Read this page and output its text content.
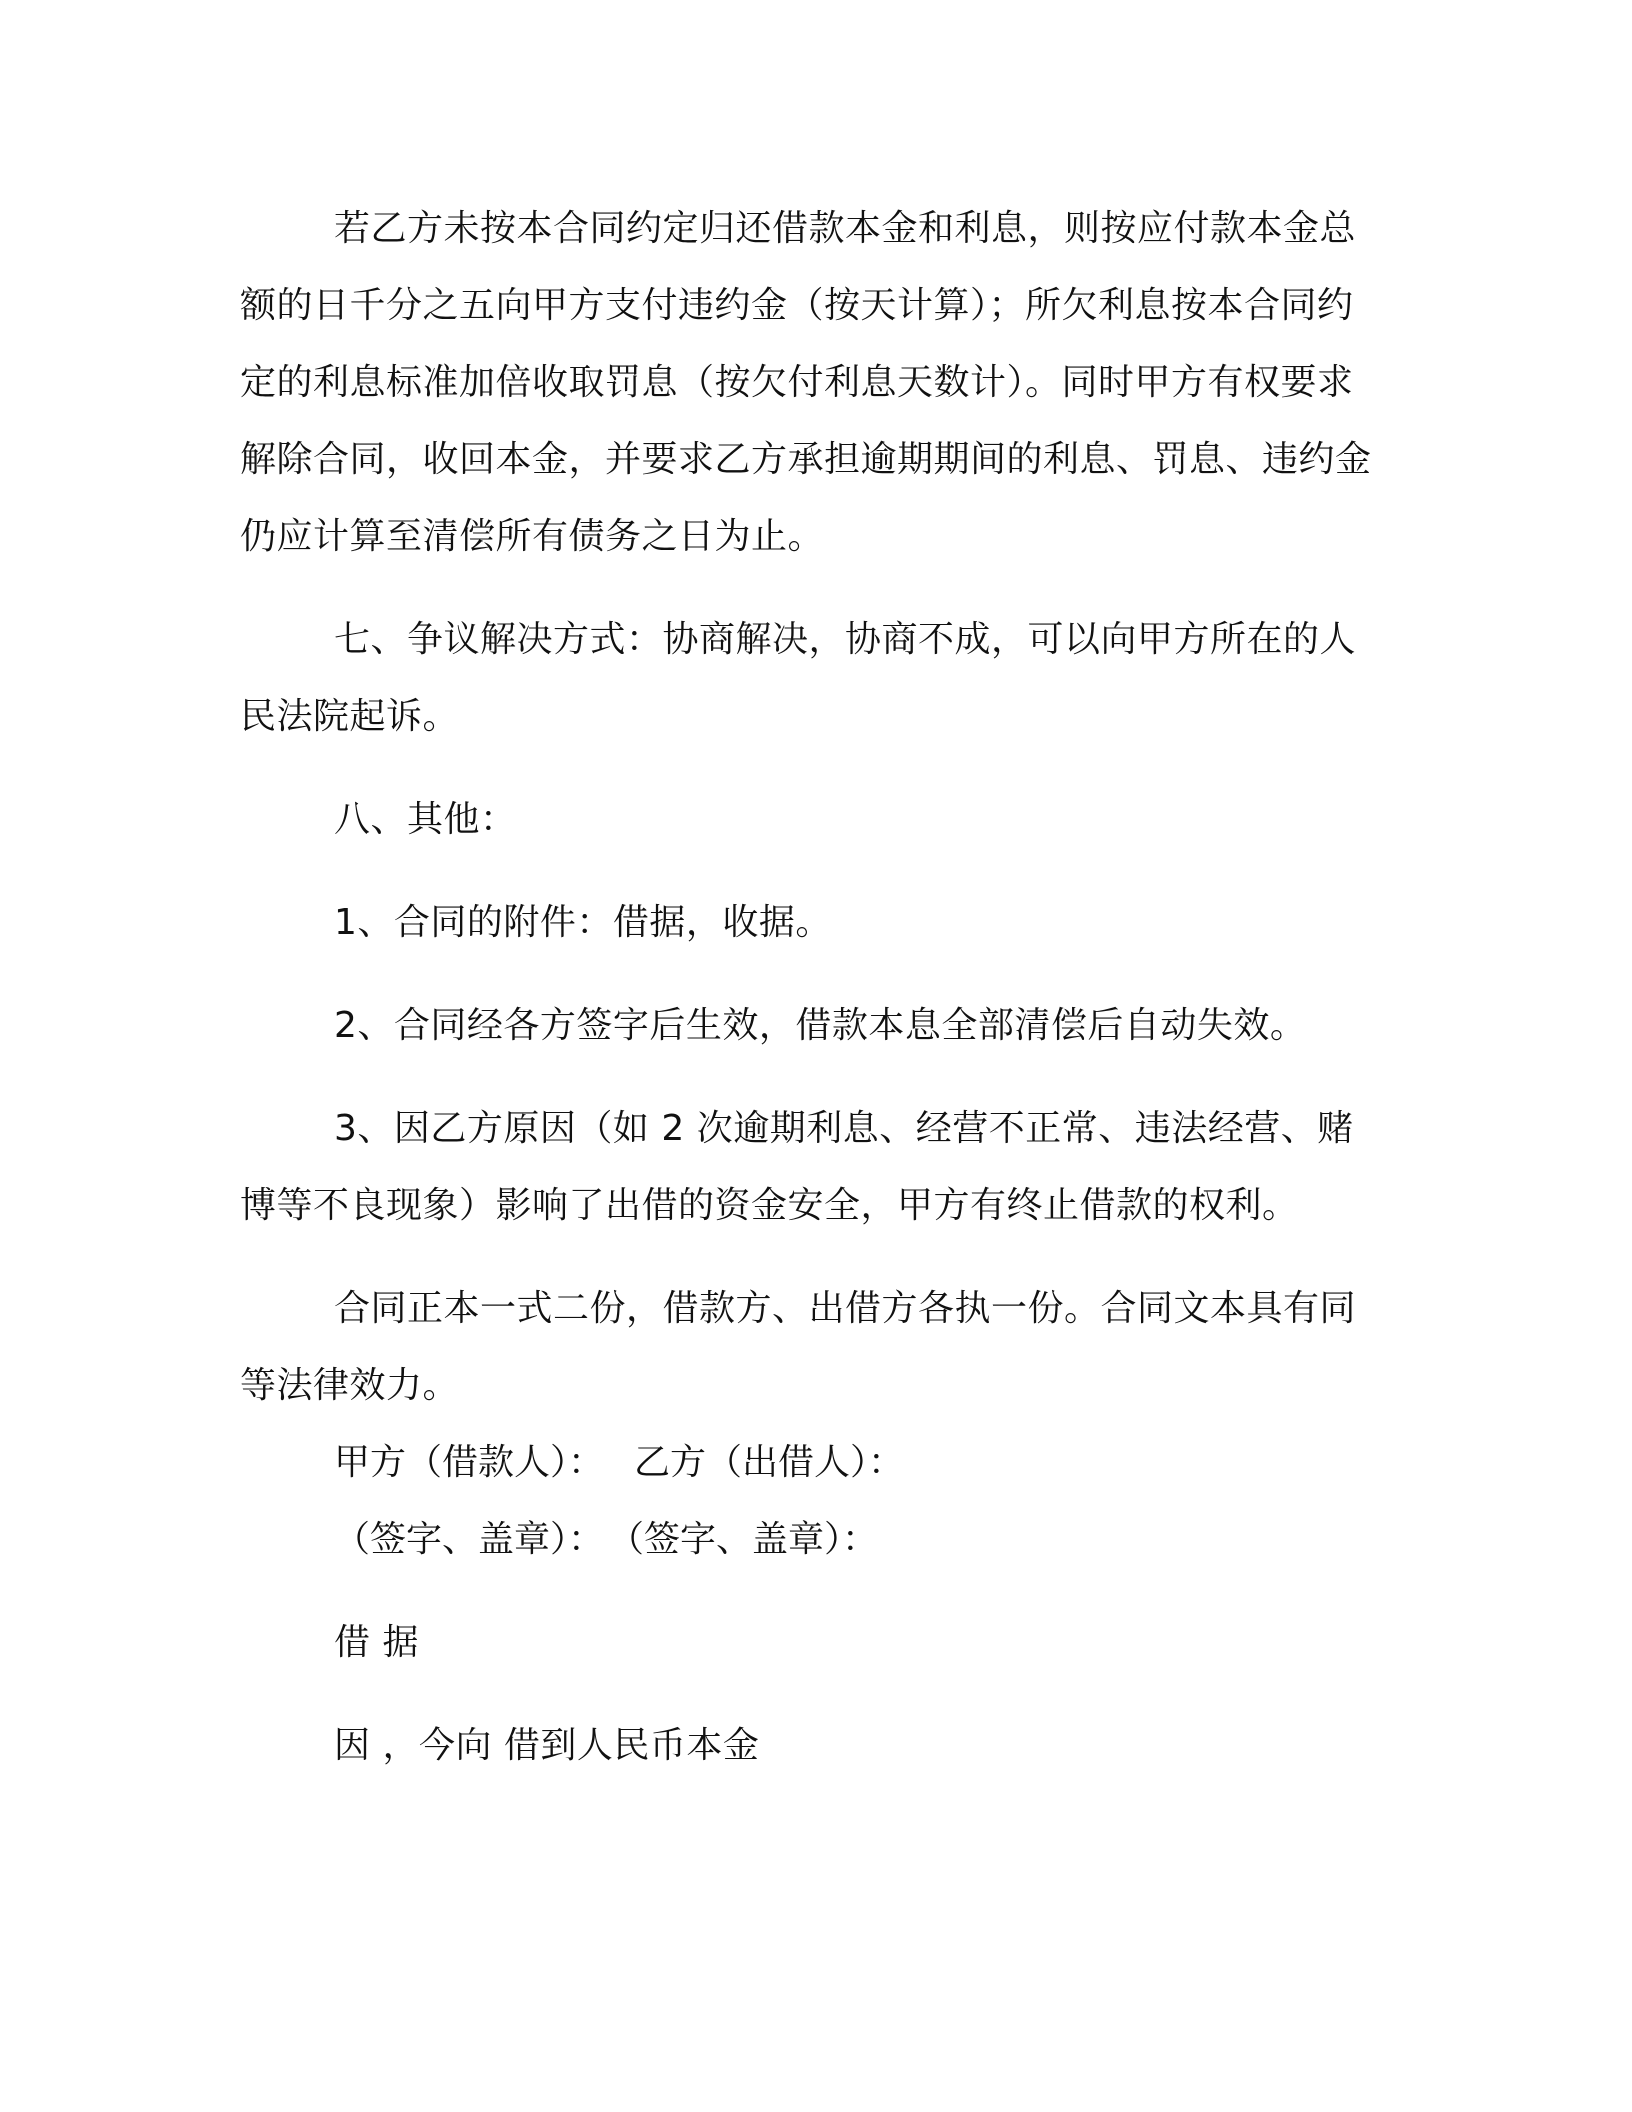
若乙方未按本合同约定归还借款本金和利息，则按应付款本金总额的日千分之五向甲方支付违约金（按天计算）；所欠利息按本合同约定的利息标准加倍收取罚息（按欠付利息天数计）。同时甲方有权要求解除合同，收回本金，并要求乙方承担逾期期间的利息、罚息、违约金仍应计算至清偿所有债务之日为止。

七、争议解决方式：协商解决，协商不成，可以向甲方所在的人民法院起诉。

八、其他：

1、合同的附件：借据，收据。

2、合同经各方签字后生效，借款本息全部清偿后自动失效。

3、因乙方原因（如 2 次逾期利息、经营不正常、违法经营、赌博等不良现象）影响了出借的资金安全，甲方有终止借款的权利。

合同正本一式二份，借款方、出借方各执一份。合同文本具有同等法律效力。

甲方（借款人）： 乙方（出借人）：

（签字、盖章）： （签字、盖章）：

借 据

因 ，今向 借到人民币本金
